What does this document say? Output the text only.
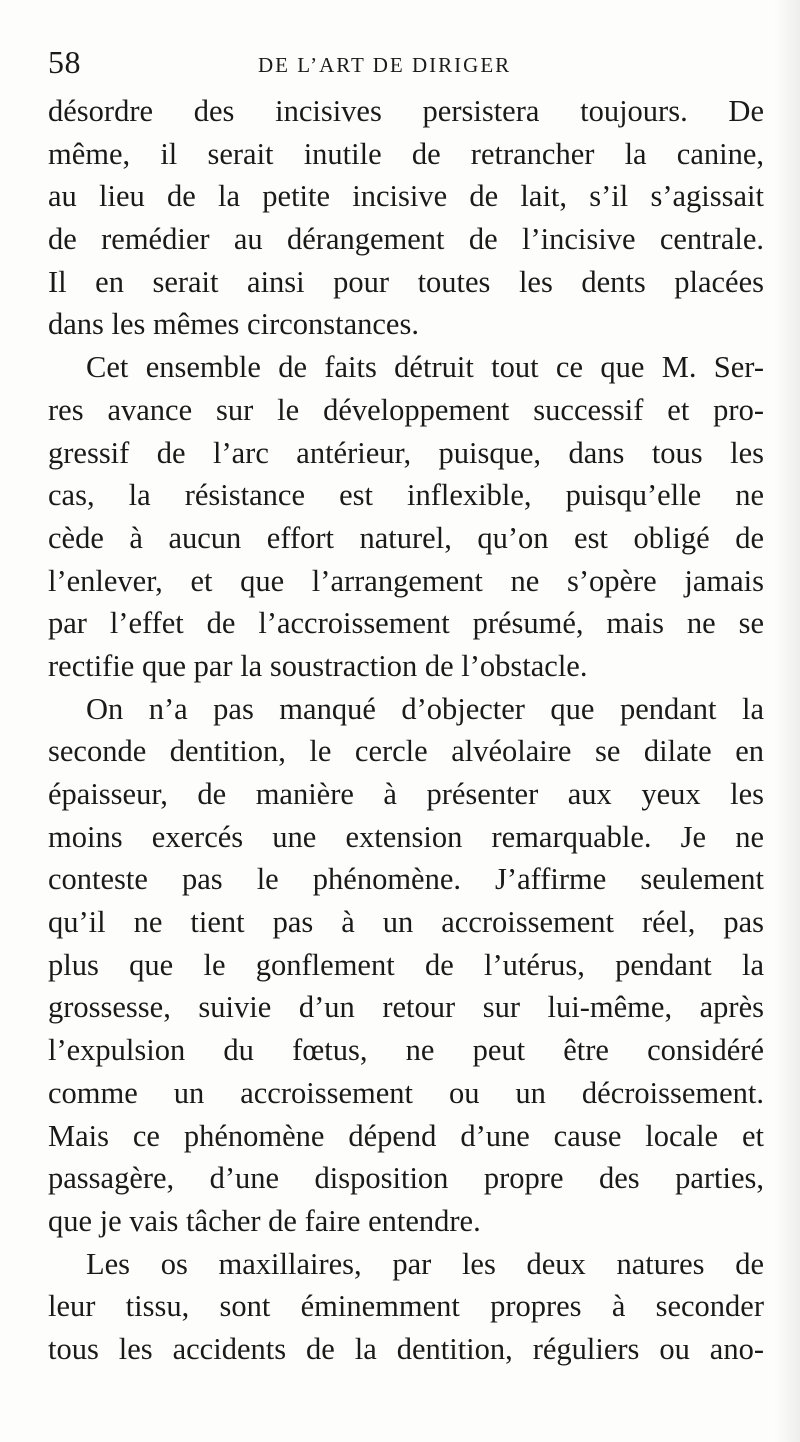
58	DE L’ART DE DIRIGER
désordre des incisives persistera toujours. De
même, il serait inutile de retrancher la canine,
au lieu de la petite incisive de lait, s’il s’agissait
de remédier au dérangement de l’incisive centrale.
Il en serait ainsi pour toutes les dents placées
dans les mêmes circonstances.
Cet ensemble de faits détruit tout ce que M. Ser-
res avance sur le développement successif et pro-
gressif de l’arc antérieur, puisque, dans tous les
cas, la résistance est inflexible, puisqu’elle ne
cède à aucun effort naturel, qu’on est obligé de
l’enlever, et que l’arrangement ne s’opère jamais
par l’effet de l’accroissement présumé, mais ne se
rectifie que par la soustraction de l’obstacle.
On n’a pas manqué d’objecter que pendant la
seconde dentition, le cercle alvéolaire se dilate en
épaisseur, de manière à présenter aux yeux les
moins exercés une extension remarquable. Je ne
conteste pas le phénomène. J’affirme seulement
qu’il ne tient pas à un accroissement réel, pas
plus que le gonflement de l’utérus, pendant la
grossesse, suivie d’un retour sur lui-même, après
l’expulsion du fœtus, ne peut être considéré
comme un accroissement ou un décroissement.
Mais ce phénomène dépend d’une cause locale et
passagère, d’une disposition propre des parties,
que je vais tâcher de faire entendre.
Les os maxillaires, par les deux natures de
leur tissu, sont éminemment propres à seconder
tous les accidents de la dentition, réguliers ou ano-
